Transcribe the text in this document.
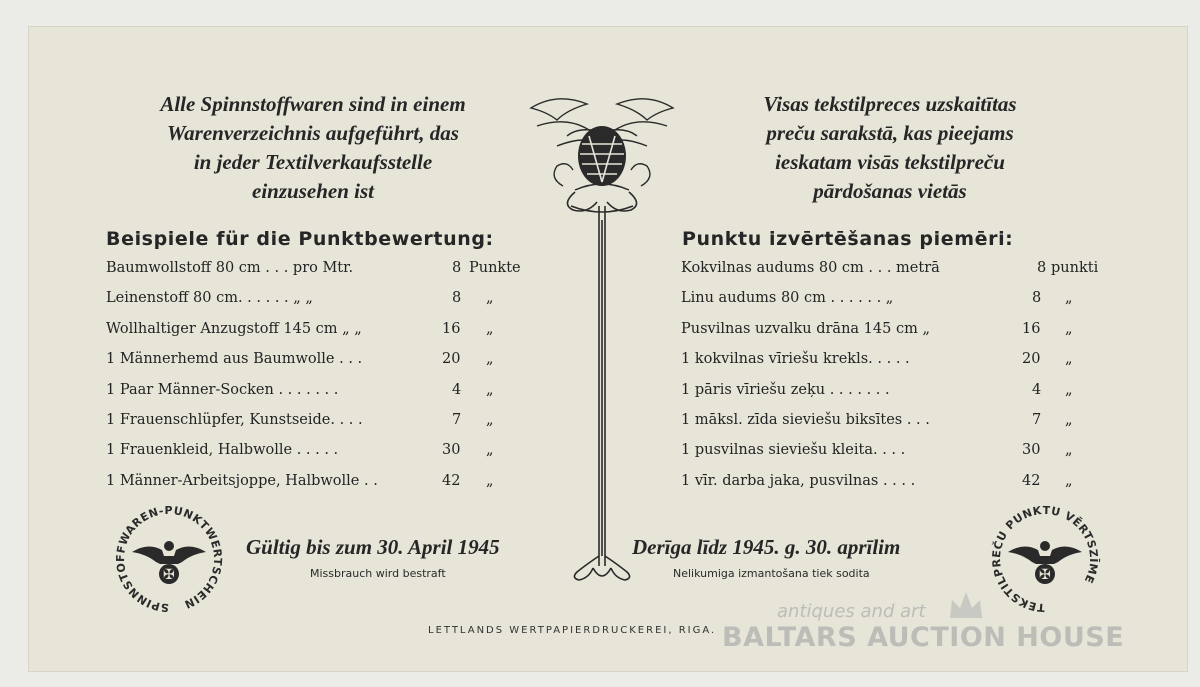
Alle Spinnstoffwaren sind in einem
Warenverzeichnis aufgeführt, das
in jeder Textilverkaufsstelle
einzusehen ist
Visas tekstilpreces uzskaitītas
preču sarakstā, kas pieejams
ieskatam visās tekstilpreču
pārdošanas vietās
Beispiele für die Punktbewertung:	Punktu izvērtēšanas piemēri:
Baumwollstoff 80 cm . . . pro Mtr.	8 Punkte
Leinenstoff 80 cm. . . . . . „ „	8 „
Wollhaltiger Anzugstoff 145 cm „ „	16 „
1 Männerhemd aus Baumwolle . . .	20 „
1 Paar Männer-Socken . . . . . . .	4 „
1 Frauenschlüpfer, Kunstseide. . . .	7 „
1 Frauenkleid, Halbwolle . . . . .	30 „
1 Männer-Arbeitsjoppe, Halbwolle . .	42 „
Kokvilnas audums 80 cm . . . metrā	8 punkti
Linu audums 80 cm . . . . . . „	8 „
Pusvilnas uzvalku drāna 145 cm „	16 „
1 kokvilnas vīriešu krekls. . . . .	20 „
1 pāris vīriešu zeķu . . . . . . .	4 „
1 māksl. zīda sieviešu biksītes . . .	7 „
1 pusvilnas sieviešu kleita. . . .	30 „
1 vīr. darba jaka, pusvilnas . . . .	42 „
Gültig bis zum 30. April 1945
Missbrauch wird bestraft
Derīga līdz 1945. g. 30. aprīlim
Nelikumiga izmantošana tiek sodita
SPINNSTOFFWAREN-PUNKTWERTSCHEIN
✠
TEKSTILPREČU PUNKTU VĒRTSZĪME
✠
LETTLANDS WERTPAPIERDRUCKEREI, RIGA.
antiques and art
BALTARS AUCTION HOUSE
